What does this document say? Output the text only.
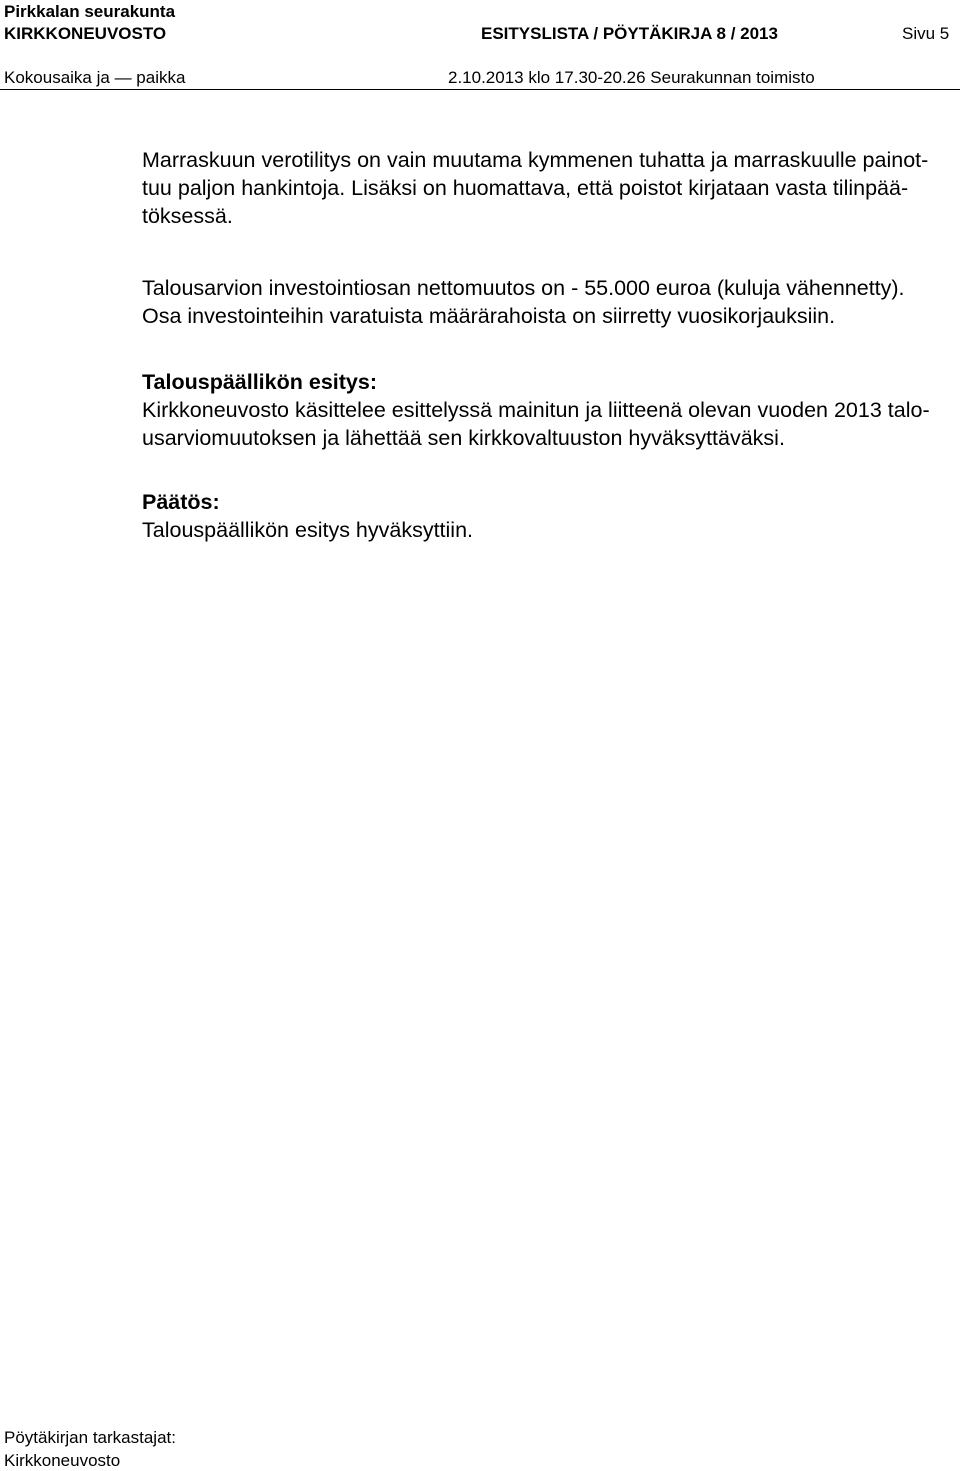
Pirkkalan seurakunta
KIRKKONEUVOSTO	ESITYSLISTA / PÖYTÄKIRJA 8 / 2013	Sivu 5
Kokousaika ja — paikka	2.10.2013 klo 17.30-20.26 Seurakunnan toimisto

Marraskuun verotilitys on vain muutama kymmenen tuhatta ja marraskuulle painot-

tuu paljon hankintoja. Lisäksi on huomattava, että poistot kirjataan vasta tilinpää-

töksessä.

Talousarvion investointiosan nettomuutos on - 55.000 euroa (kuluja vähennetty).

Osa investointeihin varatuista määrärahoista on siirretty vuosikorjauksiin.

Talouspäällikön esitys:

Kirkkoneuvosto käsittelee esittelyssä mainitun ja liitteenä olevan vuoden 2013 talo-

usarviomuutoksen ja lähettää sen kirkkovaltuuston hyväksyttäväksi.

Päätös:

Talouspäällikön esitys hyväksyttiin.

Pöytäkirjan tarkastajat:
Kirkkoneuvosto
